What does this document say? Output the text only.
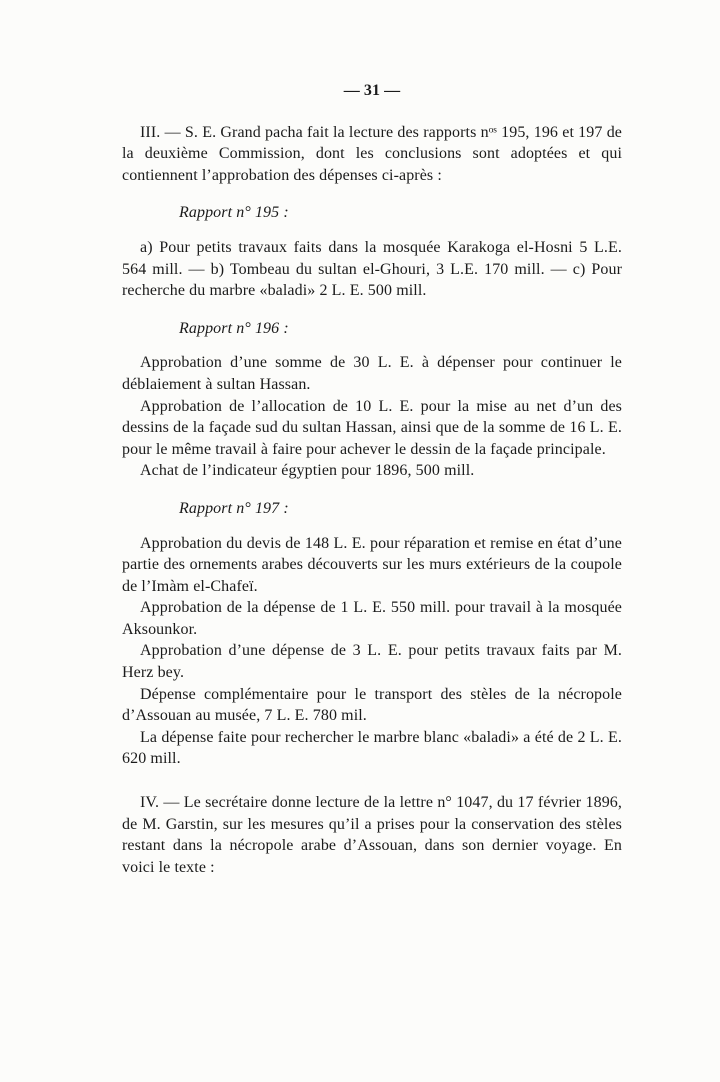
— 31 —

III. — S. E. Grand pacha fait la lecture des rapports nᵒˢ 195, 196 et 197 de la deuxième Commission, dont les conclusions sont adoptées et qui contiennent l’approbation des dépenses ci-après :

Rapport n° 195 :

a) Pour petits travaux faits dans la mosquée Karakoga el-Hosni 5 L.E. 564 mill. — b) Tombeau du sultan el-Ghouri, 3 L.E. 170 mill. — c) Pour recherche du marbre «baladi» 2 L. E. 500 mill.

Rapport n° 196 :

Approbation d’une somme de 30 L. E. à dépenser pour continuer le déblaiement à sultan Hassan.

Approbation de l’allocation de 10 L. E. pour la mise au net d’un des dessins de la façade sud du sultan Hassan, ainsi que de la somme de 16 L. E. pour le même travail à faire pour achever le dessin de la façade principale.

Achat de l’indicateur égyptien pour 1896, 500 mill.

Rapport n° 197 :

Approbation du devis de 148 L. E. pour réparation et remise en état d’une partie des ornements arabes découverts sur les murs extérieurs de la coupole de l’Imàm el-Chafeï.

Approbation de la dépense de 1 L. E. 550 mill. pour travail à la mosquée Aksounkor.

Approbation d’une dépense de 3 L. E. pour petits travaux faits par M. Herz bey.

Dépense complémentaire pour le transport des stèles de la nécropole d’Assouan au musée, 7 L. E. 780 mil.

La dépense faite pour rechercher le marbre blanc «baladi» a été de 2 L. E. 620 mill.

IV. — Le secrétaire donne lecture de la lettre n° 1047, du 17 février 1896, de M. Garstin, sur les mesures qu’il a prises pour la conservation des stèles restant dans la nécropole arabe d’Assouan, dans son dernier voyage. En voici le texte :
